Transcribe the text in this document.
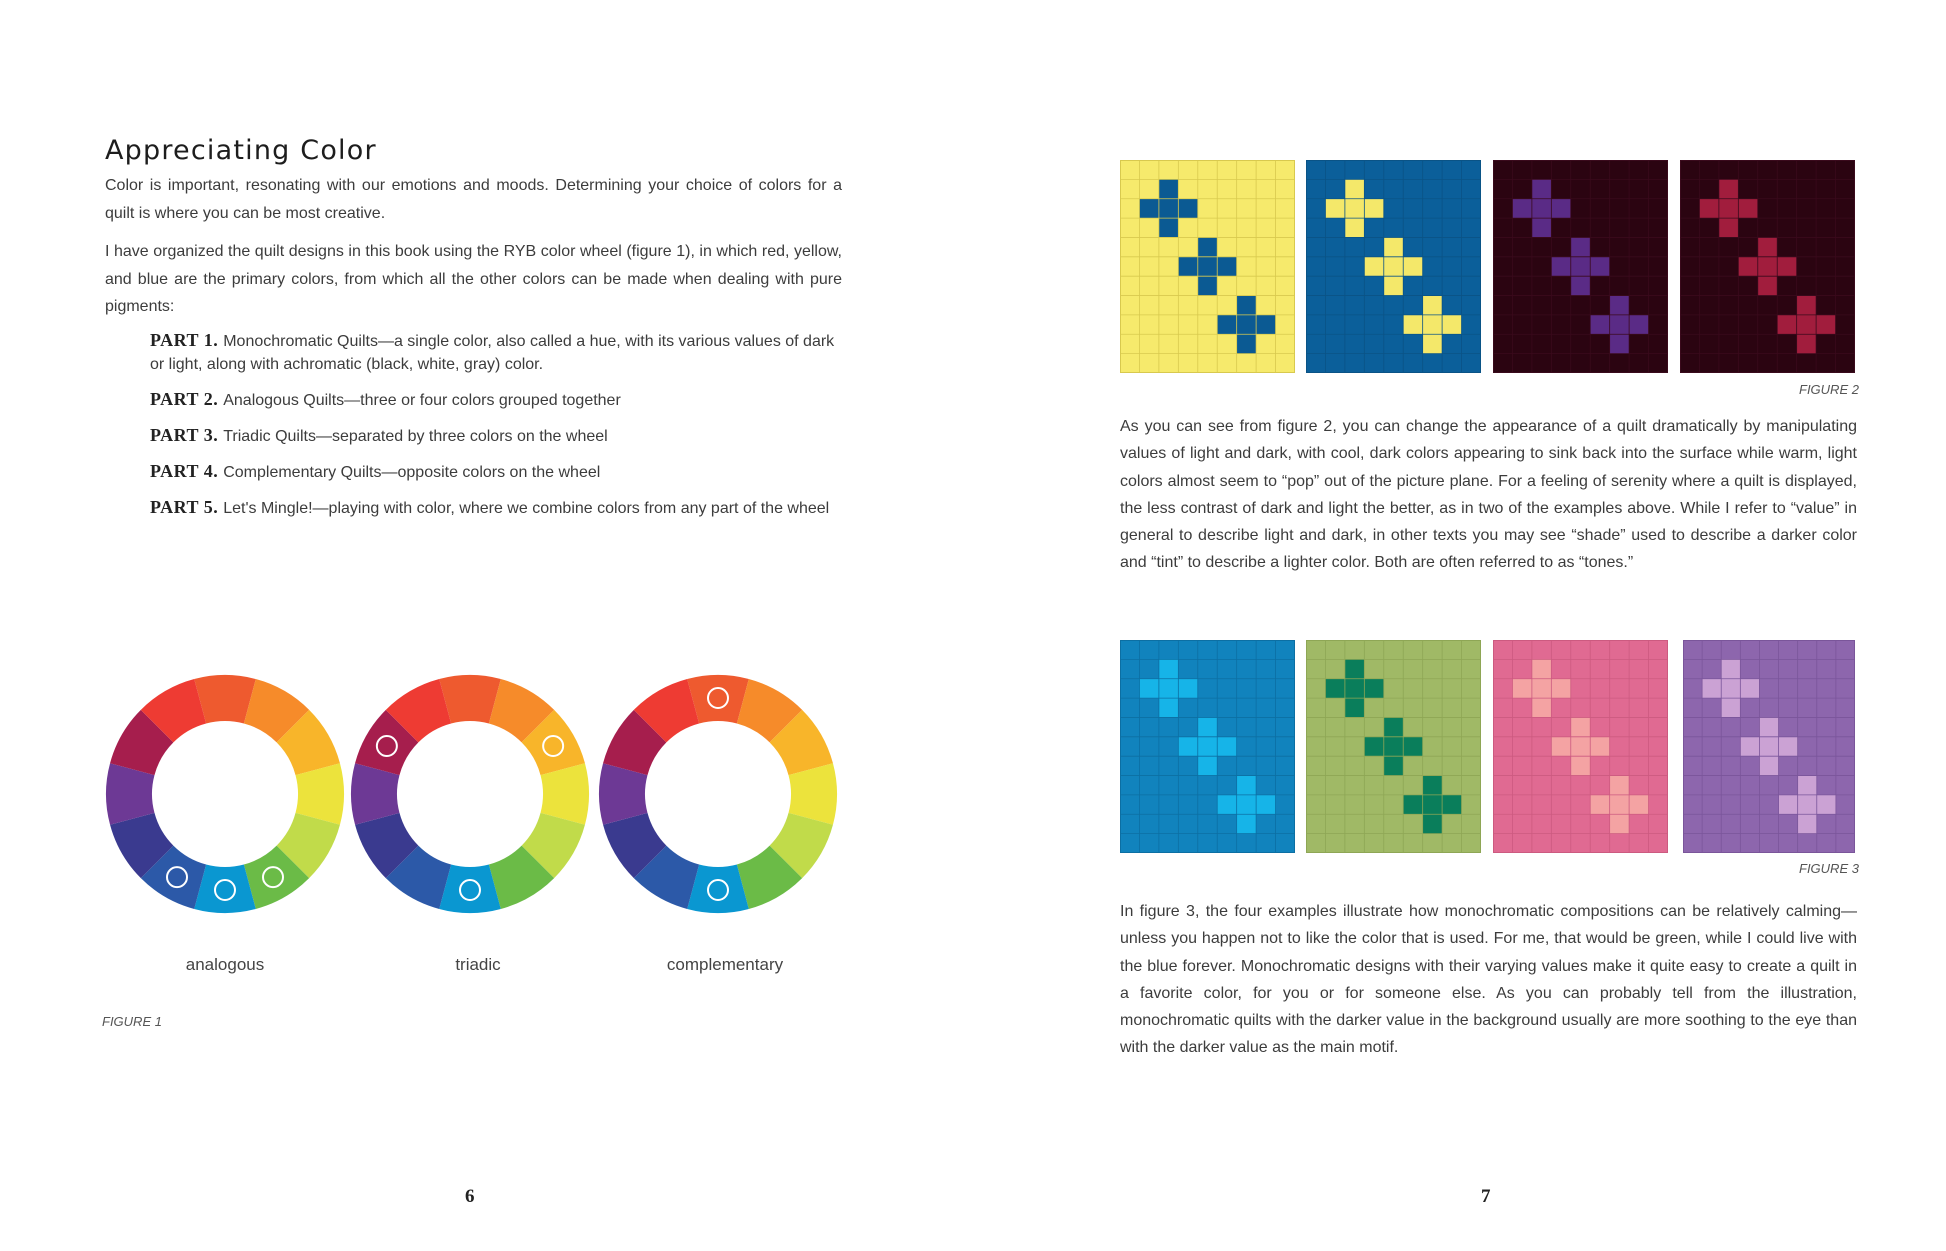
Appreciating Color

Color is important, resonating with our emotions and moods. Determining your choice of colors for a quilt is where you can be most creative.

I have organized the quilt designs in this book using the RYB color wheel (figure 1), in which red, yellow, and blue are the primary colors, from which all the other colors can be made when dealing with pure pigments:

PART 1. Monochromatic Quilts—a single color, also called a hue, with its various values of dark or light, along with achromatic (black, white, gray) color.
PART 2. Analogous Quilts—three or four colors grouped together
PART 3. Triadic Quilts—separated by three colors on the wheel
PART 4. Complementary Quilts—opposite colors on the wheel
PART 5. Let's Mingle!—playing with color, where we combine colors from any part of the wheel
analogous	triadic	complementary
FIGURE 1
6
FIGURE 2

As you can see from figure 2, you can change the appearance of a quilt dramatically by manipulating values of light and dark, with cool, dark colors appearing to sink back into the surface while warm, light colors almost seem to “pop” out of the picture plane. For a feeling of serenity where a quilt is displayed, the less contrast of dark and light the better, as in two of the examples above. While I refer to “value” in general to describe light and dark, in other texts you may see “shade” used to describe a darker color and “tint” to describe a lighter color. Both are often referred to as “tones.”

FIGURE 3

In figure 3, the four examples illustrate how monochromatic compositions can be relatively calming—unless you happen not to like the color that is used. For me, that would be green, while I could live with the blue forever. Monochromatic designs with their varying values make it quite easy to create a quilt in a favorite color, for you or for someone else. As you can probably tell from the illustration, monochromatic quilts with the darker value in the background usually are more soothing to the eye than with the darker value as the main motif.

7
